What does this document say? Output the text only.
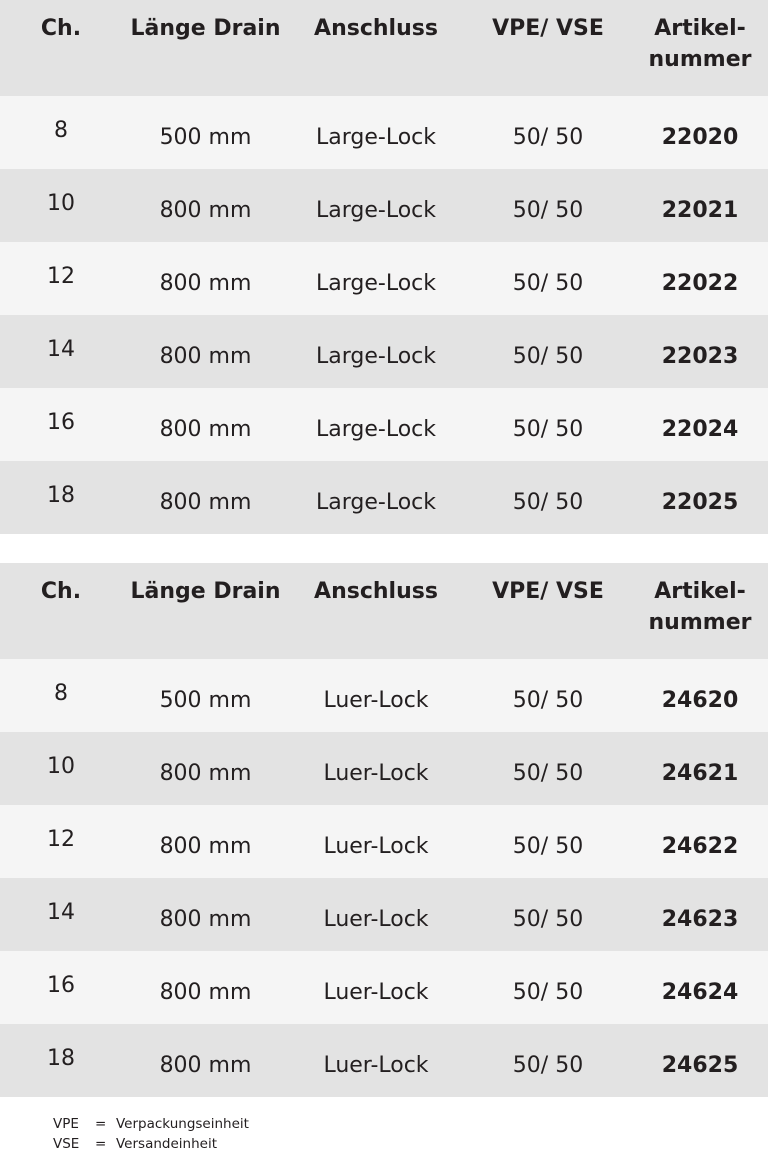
Ch.	Länge Drain	Anschluss	VPE/ VSE	Artikel-
nummer
8	500 mm	Large-Lock	50/ 50	22020
10	800 mm	Large-Lock	50/ 50	22021
12	800 mm	Large-Lock	50/ 50	22022
14	800 mm	Large-Lock	50/ 50	22023
16	800 mm	Large-Lock	50/ 50	22024
18	800 mm	Large-Lock	50/ 50	22025
Ch.	Länge Drain	Anschluss	VPE/ VSE	Artikel-
nummer
8	500 mm	Luer-Lock	50/ 50	24620
10	800 mm	Luer-Lock	50/ 50	24621
12	800 mm	Luer-Lock	50/ 50	24622
14	800 mm	Luer-Lock	50/ 50	24623
16	800 mm	Luer-Lock	50/ 50	24624
18	800 mm	Luer-Lock	50/ 50	24625
VPE = Verpackungseinheit
VSE = Versandeinheit
